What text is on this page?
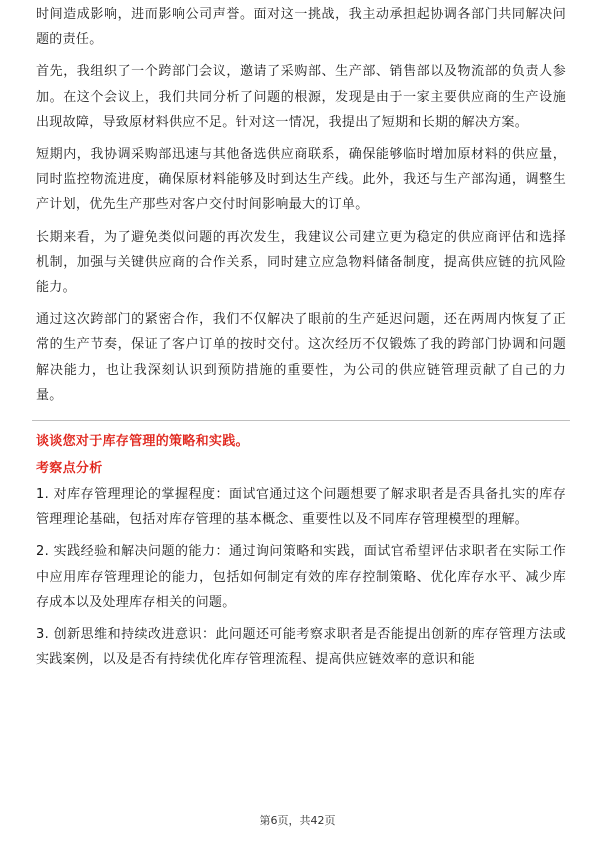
时间造成影响，进而影响公司声誉。面对这一挑战，我主动承担起协调各部门共同解决问题的责任。

首先，我组织了一个跨部门会议，邀请了采购部、生产部、销售部以及物流部的负责人参加。在这个会议上，我们共同分析了问题的根源，发现是由于一家主要供应商的生产设施出现故障，导致原材料供应不足。针对这一情况，我提出了短期和长期的解决方案。

短期内，我协调采购部迅速与其他备选供应商联系，确保能够临时增加原材料的供应量，同时监控物流进度，确保原材料能够及时到达生产线。此外，我还与生产部沟通，调整生产计划，优先生产那些对客户交付时间影响最大的订单。

长期来看，为了避免类似问题的再次发生，我建议公司建立更为稳定的供应商评估和选择机制，加强与关键供应商的合作关系，同时建立应急物料储备制度，提高供应链的抗风险能力。

通过这次跨部门的紧密合作，我们不仅解决了眼前的生产延迟问题，还在两周内恢复了正常的生产节奏，保证了客户订单的按时交付。这次经历不仅锻炼了我的跨部门协调和问题解决能力，也让我深刻认识到预防措施的重要性，为公司的供应链管理贡献了自己的力量。

谈谈您对于库存管理的策略和实践。
考察点分析

1. 对库存管理理论的掌握程度：面试官通过这个问题想要了解求职者是否具备扎实的库存管理理论基础，包括对库存管理的基本概念、重要性以及不同库存管理模型的理解。

2. 实践经验和解决问题的能力：通过询问策略和实践，面试官希望评估求职者在实际工作中应用库存管理理论的能力，包括如何制定有效的库存控制策略、优化库存水平、减少库存成本以及处理库存相关的问题。

3. 创新思维和持续改进意识：此问题还可能考察求职者是否能提出创新的库存管理方法或实践案例，以及是否有持续优化库存管理流程、提高供应链效率的意识和能

第6页，共42页
